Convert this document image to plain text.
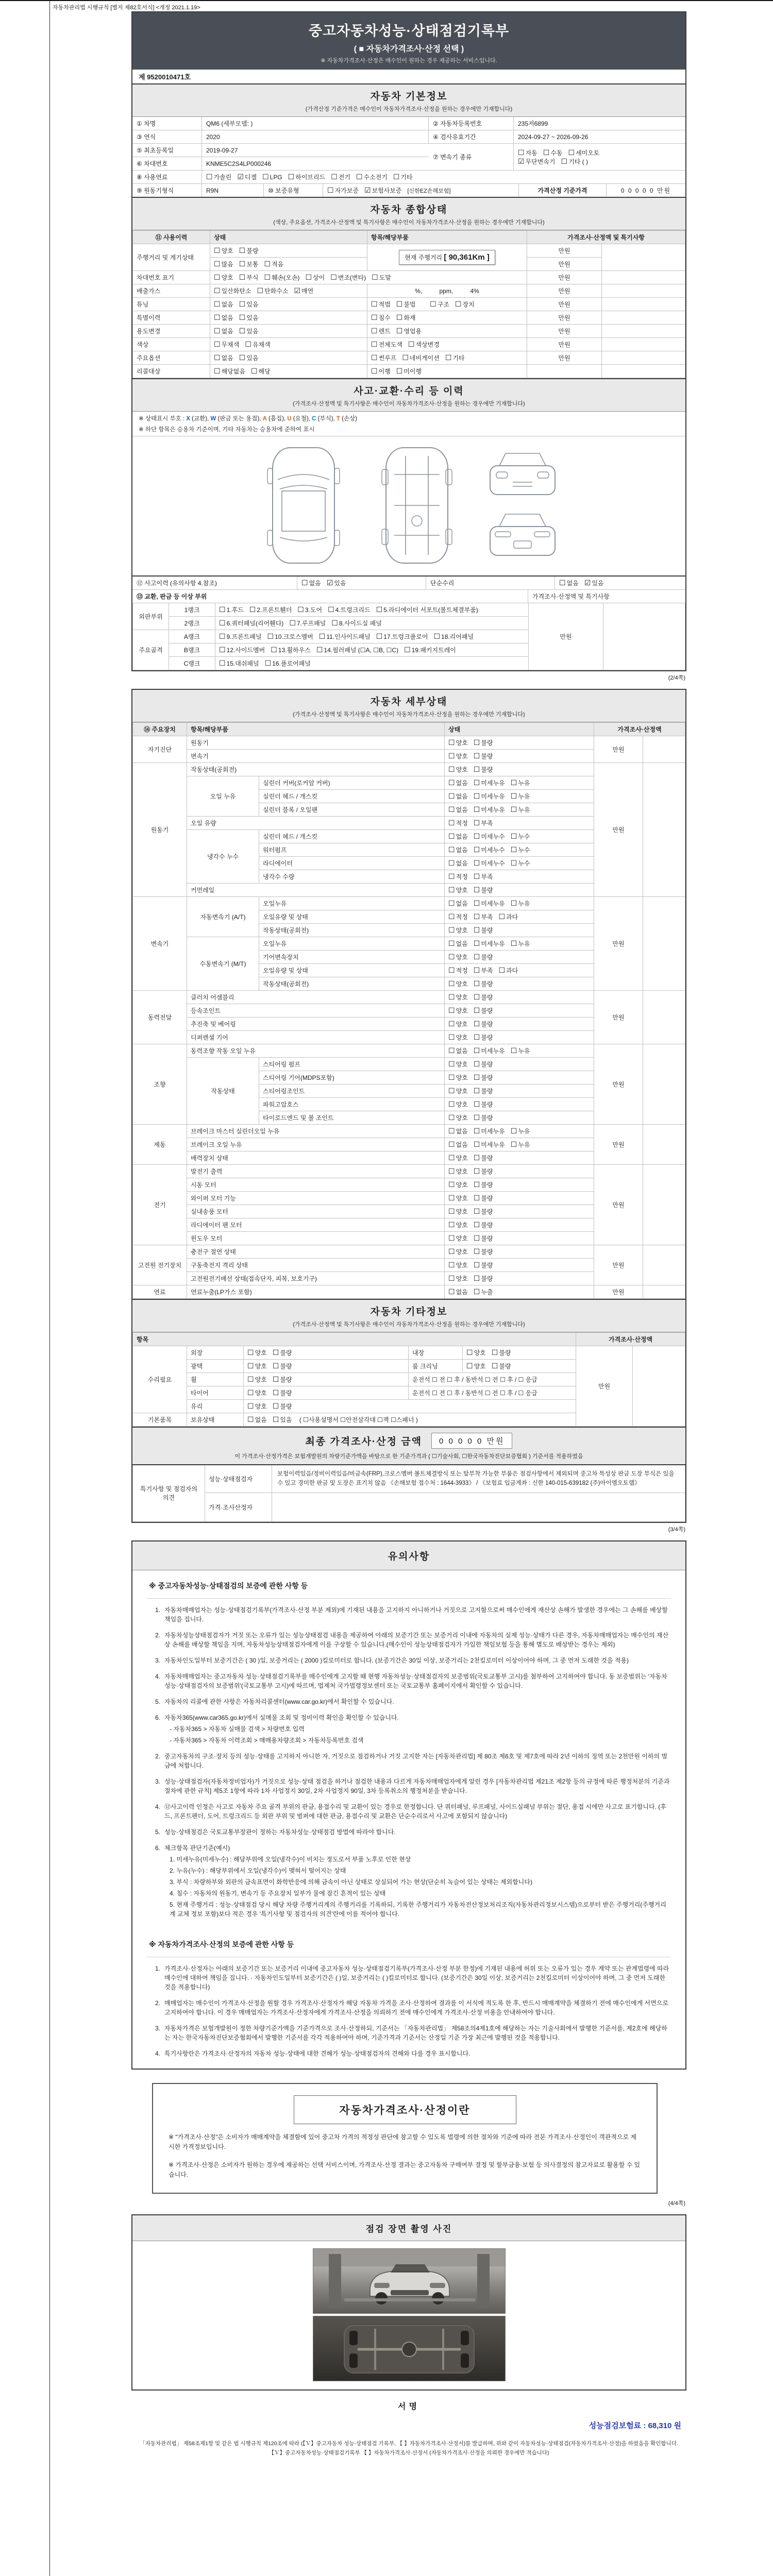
자동차관리법 시행규칙 [별지 제82호서식] <개정 2021.1.19>
중고자동차성능·상태점검기록부
( ■ 자동차가격조사·산정 선택 )
※ 자동차가격조사·산정은 매수인이 원하는 경우 제공하는 서비스입니다.
제 9520010471호
자동차 기본정보
(가격산정 기준가격은 매수인이 자동차가격조사·산정을 원하는 경우에만 기재합니다)
① 차명	QM6 (세부모델: )	② 자동차등록번호	235저6899
③ 연식	2020	④ 검사유효기간	2024-09-27 ~ 2026-09-26
⑤ 최초등록일	2019-09-27
⑥ 차대번호	KNME5C2S4LP000246
⑦ 변속기 종류
☐ 자동 ☐ 수동 ☐ 세미오토
☑ 무단변속기 ☐ 기타 ( )
⑧ 사용연료	☐ 가솔린 ☑ 디젤 ☐ LPG ☐ 하이브리드 ☐ 전기 ☐ 수소전기 ☐ 기타
⑨ 원동기형식	R9N	⑩ 보증유형	☐ 자가보증 ☑ 보험사보증	[신한EZ손해보험]	가격산정 기준가격	0 0 0 0 0 만원
자동차 종합상태
(색상, 주요옵션, 가격조사·산정액 및 특기사항은 매수인이 자동차가격조사·산정을 원하는 경우에만 기재합니다)
⑪ 사용이력	상태	항목/해당부품	가격조사·산정액 및 특기사항	
주행거리 및 계기상태	☐ 양호 ☐ 불량	현재 주행거리 [ 90,361Km ]	만원	

☐ 많음 ☐ 보통 ☐ 적음	만원
차대번호 표기	☐ 양호 ☐ 부식 ☐ 훼손(오손) ☐ 상이 ☐ 변조(변타) ☐ 도말	만원	
배출가스	☐ 일산화탄소 ☐ 탄화수소 ☑ 매연	%,          ppm,          4%	만원	
튜닝	☐ 없음 ☐ 있음	☐ 적법 ☐ 불법 ☐ 구조 ☐ 장치	만원	
특별이력	☐ 없음 ☐ 있음	☐ 침수 ☐ 화재	만원	
용도변경	☐ 없음 ☐ 있음	☐ 렌트 ☐ 영업용	만원	
색상	☐ 무채색 ☐ 유채색	☐ 전체도색 ☐ 색상변경	만원	
주요옵션	☐ 없음 ☐ 있음	☐ 썬루프 ☐ 네비게이션 ☐ 기타	만원	
리콜대상	☐ 해당없음 ☐ 해당	☐ 이행 ☐ 미이행		
사고·교환·수리 등 이력
(가격조사·산정액 및 특기사항은 매수인이 자동차가격조사·산정을 원하는 경우에만 기재합니다)
※ 상태표시 부호 : X (교환), W (판금 또는 용접), A (흠집), U (요철), C (부식), T (손상)
※ 하단 항목은 승용차 기준이며, 기타 자동차는 승용차에 준하여 표시
⑫ 사고이력 (유의사항 4.참조)	☐ 없음 ☑ 있음	단순수리	☐ 없음 ☑ 있음
⑬ 교환, 판금 등 이상 부위	가격조사·산정액 및 특기사항
외판부위	1랭크	☐ 1.후드 ☐ 2.프론트휀더 ☐ 3.도어 ☐ 4.트렁크리드 ☐ 5.라디에이터 서포트(볼트체결부품)	만원	
2랭크	☐ 6.쿼터패널(리어휀다) ☐ 7.루프패널 ☐ 8.사이드실 패널
주요골격	A랭크	☐ 9.프론트패널 ☐ 10.크로스멤버 ☐ 11.인사이드패널 ☐ 17.트렁크플로어 ☐ 18.리어패널
B랭크	☐ 12.사이드멤버 ☐ 13.휠하우스 ☐ 14.필러패널 (☐A, ☐B, ☐C) ☐ 19.패키지트레이
	C랭크	☐ 15.대쉬패널 ☐ 16.플로어패널		
(2/4쪽)
자동차 세부상태
(가격조사·산정액 및 특기사항은 매수인이 자동차가격조사·산정을 원하는 경우에만 기재합니다)
⑭ 주요장치	항목/해당부품		상태	가격조사·산정액	
자기진단	원동기		☐ 양호 ☐ 불량	만원	
	변속기		☐ 양호 ☐ 불량		
원동기	작동상태(공회전)		☐ 양호 ☐ 불량	만원	
오일 누유	실린더 커버(로커암 커버)	☐ 없음 ☐ 미세누유 ☐ 누유
실린더 헤드 / 개스킷	☐ 없음 ☐ 미세누유 ☐ 누유
실린더 블록 / 오일팬	☐ 없음 ☐ 미세누유 ☐ 누유
	오일 유량		☐ 적정 ☐ 부족		
냉각수 누수	실린더 헤드 / 개스킷	☐ 없음 ☐ 미세누수 ☐ 누수
워터펌프	☐ 없음 ☐ 미세누수 ☐ 누수
라디에이터	☐ 없음 ☐ 미세누수 ☐ 누수
		냉각수 수량	☐ 적정 ☐ 부족		
	커먼레일		☐ 양호 ☐ 불량		
변속기	자동변속기 (A/T)	오일누유	☐ 없음 ☐ 미세누유 ☐ 누유	만원	
오일유량 및 상태	☐ 적정 ☐ 부족 ☐ 과다
		작동상태(공회전)	☐ 양호 ☐ 불량		
수동변속기 (M/T)	오일누유	☐ 없음 ☐ 미세누유 ☐ 누유
		기어변속장치	☐ 양호 ☐ 불량		
오일유량 및 상태	☐ 적정 ☐ 부족 ☐ 과다
		작동상태(공회전)	☐ 양호 ☐ 불량		
동력전달	클러치 어셈블리		☐ 양호 ☐ 불량	만원	
	등속조인트		☐ 양호 ☐ 불량		
	추진축 및 베어링		☐ 양호 ☐ 불량		
	디퍼렌셜 기어		☐ 양호 ☐ 불량		
조향	동력조향 작동 오일 누유	☐ 없음 ☐ 미세누유 ☐ 누유	만원	
	작동상태	스티어링 펌프	☐ 양호 ☐ 불량		
		스티어링 기어(MDPS포함)	☐ 양호 ☐ 불량		
		스티어링조인트	☐ 양호 ☐ 불량		
		파워고압호스	☐ 양호 ☐ 불량		
		타이로드엔드 및 볼 조인트	☐ 양호 ☐ 불량		
제동	브레이크 마스터 실린더오일 누유	☐ 없음 ☐ 미세누유 ☐ 누유	만원	
브레이크 오일 누유	☐ 없음 ☐ 미세누유 ☐ 누유
	배력장치 상태		☐ 양호 ☐ 불량		
전기	발전기 출력		☐ 양호 ☐ 불량	만원	
	시동 모터		☐ 양호 ☐ 불량		
	와이퍼 모터 기능		☐ 양호 ☐ 불량		
	실내송풍 모터		☐ 양호 ☐ 불량		
	라디에이터 팬 모터		☐ 양호 ☐ 불량		
	윈도우 모터		☐ 양호 ☐ 불량		
고전원 전기장치	충전구 절연 상태		☐ 양호 ☐ 불량	만원	
	구동축전지 격리 상태		☐ 양호 ☐ 불량		
	고전원전기배선 상태(접속단자, 피복, 보호기구)		☐ 양호 ☐ 불량		
연료	연료누출(LP가스 포함)		☐ 없음 ☐ 누출	만원	
자동차 기타정보
(가격조사·산정액 및 특기사항은 매수인이 자동차가격조사·산정을 원하는 경우에만 기재합니다)
항목					가격조사·산정액	
수리필요	외장	☐ 양호 ☐ 불량	내장	☐ 양호 ☐ 불량	만원	
	광택	☐ 양호 ☐ 불량	룸 크리닝	☐ 양호 ☐ 불량		
	휠	☐ 양호 ☐ 불량	운전석 ☐ 전 ☐ 후 / 동반석 ☐ 전 ☐ 후 / ☐ 응급			
	타이어	☐ 양호 ☐ 불량	운전석 ☐ 전 ☐ 후 / 동반석 ☐ 전 ☐ 후 / ☐ 응급			
	유리	☐ 양호 ☐ 불량				
기본품목	보유상태	☐ 없음 ☐ 있음 ( ☐사용설명서 ☐안전삼각대 ☐잭 ☐스패너 )				
최종 가격조사·산정 금액	0 0 0 0 0 만원
이 가격조사·산정가격은 보험개발원의 차량기준가액을 바탕으로 한 기준가격과 ( ☐기술사회, ☐한국자동차진단보증협회 ) 기준서를 적용하였음
특기사항 및 점검자의 의견	성능·상태점검자	보험이력있음/정비이력있음/비금속(FRP),크로스멤버 볼트체결방식 또는 탈부착 가능한 부품은 점검사항에서 제외되며 중고차 특성상 판금 도장 부식은 있을 수 있고 경미한 판금 및 도장은 표기치 않음 《손해보험 접수처 : 1644-3933》 / 《보험료 입금계좌 : 신한 140-015-639182 (주)아이엠오토랩》
	가격·조사산정자	
(3/4쪽)
유의사항
※ 중고자동차성능·상태점검의 보증에 관한 사항 등
1. 자동차매매업자는 성능·상태점검기록부(가격조사·산정 부분 제외)에 기재된 내용을 고지하지 아니하거나 거짓으로 고지함으로써 매수인에게 재산상 손해가 발생한 경우에는 그 손해를 배상할 책임을 집니다.
2. 자동차성능상태점검자가 거짓 또는 오류가 있는 성능상태점검 내용을 제공하여 아래의 보증기간 또는 보증거리 이내에 자동차의 실제 성능·상태가 다른 경우, 자동차매매업자는 매수인의 재산상 손해를 배상할 책임을 지며, 자동차성능상태점검자에게 이를 구상할 수 있습니다.(매수인이 성능상태점검자가 가입한 책임보험 등을 통해 별도로 배상받는 경우는 제외)
3. 자동차인도일부터 보증기간은 ( 30 )일, 보증거리는 ( 2000 )킬로미터로 합니다. (보증기간은 30일 이상, 보증거리는 2천킬로미터 이상이어야 하며, 그 중 먼저 도래한 것을 적용)
4. 자동차매매업자는 중고자동차 성능·상태점검기록부를 매수인에게 고지할 때 현행 자동차성능·상태점검자의 보증범위(국토교통부 고시)를 첨부하여 고지하여야 합니다. 동 보증범위는 '자동차성능·상태점검자의 보증범위'(국토교통부 고시)에 따르며, 법제처 국가법령정보센터 또는 국토교통부 홈페이지에서 확인할 수 있습니다.
5. 자동차의 리콜에 관한 사항은 자동차리콜센터(www.car.go.kr)에서 확인할 수 있습니다.
6. 자동차365(www.car365.go.kr)에서 실매물 조회 및 정비이력 확인을 확인할 수 있습니다.
- 자동차365 > 자동차 실매물 검색 > 차량번호 입력
- 자동차365 > 자동차 이력조회 > 매매용차량조회 > 자동차등록번호 검색
2. 중고자동차의 구조·장치 등의 성능·상태를 고지하지 아니한 자, 거짓으로 점검하거나 거짓 고지한 자는 [자동차관리법] 제 80조 제6호 및 제7호에 따라 2년 이하의 징역 또는 2천만원 이하의 벌금에 처합니다.
3. 성능·상태점검자(자동차정비업자)가 거짓으로 성능·상태 점검을 하거나 점검한 내용과 다르게 자동차매매업자에게 알린 경우 [자동차관리법 제21조 제2항 등의 규정에 따른 행정처분의 기준과 절차에 관한 규칙] 제5조 1항에 따라 1차 사업정지 30일, 2차 사업정지 90일, 3차 등록취소의 행정처분을 받습니다.
4. ⑫사고이력 인정은 사고로 자동차 주요 골격 부위의 판금, 용접수리 및 교환이 있는 경우로 한정합니다. 단 쿼터패널, 루프패널, 사이드실패널 부위는 절단, 용접 시에만 사고로 표기합니다. (후드, 프론트펜더, 도어, 트렁크리드 등 외판 부위 및 범퍼에 대한 판금, 용접수리 및 교환은 단순수리로서 사고에 포함되지 않습니다)
5. 성능·상태점검은 국토교통부장관이 정하는 자동차성능·상태점검 방법에 따라야 합니다.
6. 체크항목 판단기준(예시)
1. 미세누유(미세누수) : 해당부위에 오일(냉각수)이 비치는 정도로서 부품 노후로 인한 현상
2. 누유(누수) : 해당부위에서 오일(냉각수)이 맺혀서 떨어지는 상태
3. 부식 : 차량하부와 외판의 금속표면이 화학반응에 의해 금속이 아닌 상태로 상실되어 가는 현상(단순히 녹슬어 있는 상태는 제외합니다)
4. 침수 : 자동차의 원동기, 변속기 등 주요장치 일부가 물에 잠긴 흔적이 있는 상태
5. 현재 주행거리 : 성능·상태점검 당시 해당 차량 주행거리계의 주행거리를 기록하되, 기록한 주행거리가 자동차전산정보처리조직(자동차관리정보시스템)으로부터 받은 주행거리(주행거리계 교체 정보 포함)보다 적은 경우 '특기사항 및 점검자의 의견'란에 이를 적어야 합니다.
※ 자동차가격조사·산정의 보증에 관한 사항 등
1. 가격조사·산정자는 아래의 보증기간 또는 보증거리 이내에 중고자동차 성능·상태점검기록부(가격조사·산정 부분 한정)에 기재된 내용에 허위 또는 오류가 있는 경우 계약 또는 관계법령에 따라 매수인에 대하여 책임을 집니다. · 자동차인도일부터 보증기간은 ( )일, 보증거리는 ( )킬로미터로 합니다. (보증기간은 30일 이상, 보증거리는 2천킬로미터 이상이어야 하며, 그 중 먼저 도래한 것을 적용합니다)
2. 매매업자는 매수인이 가격조사·산정을 원할 경우 가격조사·산정자가 해당 자동차 가격을 조사·산정하여 결과를 이 서식에 적도록 한 후, 반드시 매매계약을 체결하기 전에 매수인에게 서면으로 고지하여야 합니다. 이 경우 매매업자는 가격조사·산정자에게 가격조사·산정을 의뢰하기 전에 매수인에게 가격조사·산정 비용을 안내하여야 합니다.
3. 자동차가격은 보험개발원이 정한 차량기준가액을 기준가격으로 조사·산정하되, 기준서는 「자동차관리법」 제58조의4제1호에 해당하는 자는 기술사회에서 발행한 기준서를, 제2호에 해당하는 자는 한국자동차진단보증협회에서 발행한 기준서를 각각 적용하여야 하며, 기준가격과 기준서는 산정일 기준 가장 최근에 발행된 것을 적용합니다.
4. 특기사항란은 가격조사·산정자의 자동차 성능·상태에 대한 견해가 성능·상태점검자의 견해와 다를 경우 표시합니다.
자동차가격조사·산정이란
※ "가격조사·산정"은 소비자가 매매계약을 체결함에 있어 중고차 가격의 적정성 판단에 참고할 수 있도록 법령에 의한 절차와 기준에 따라 전문 가격조사·산정인이 객관적으로 제시한 가격정보입니다.
※ 가격조사·산정은 소비자가 원하는 경우에 제공하는 선택 서비스이며, 가격조사·산정 결과는 중고자동차 구매여부 결정 및 할부금융·보험 등 의사결정의 참고자료로 활용할 수 있습니다.
(4/4쪽)
점검 장면 촬영 사진
서명
성능점검보험료 : 68,310 원
「자동차관리법」 제58조제1항 및 같은 법 시행규칙 제120조에 따라 (【Ｖ】중고자동차 성능·상태점검 기록부, 【 】자동차가격조사·산정서)를 발급하며, 위와 같이 자동차성능·상태점검(자동차가격조사·산정)을 하였음을 확인합니다.
【Ｖ】중고자동차성능·상태점검기록부 【 】자동차가격조사·산정서 (자동차가격조사·산정을 의뢰한 경우에만 적습니다)
